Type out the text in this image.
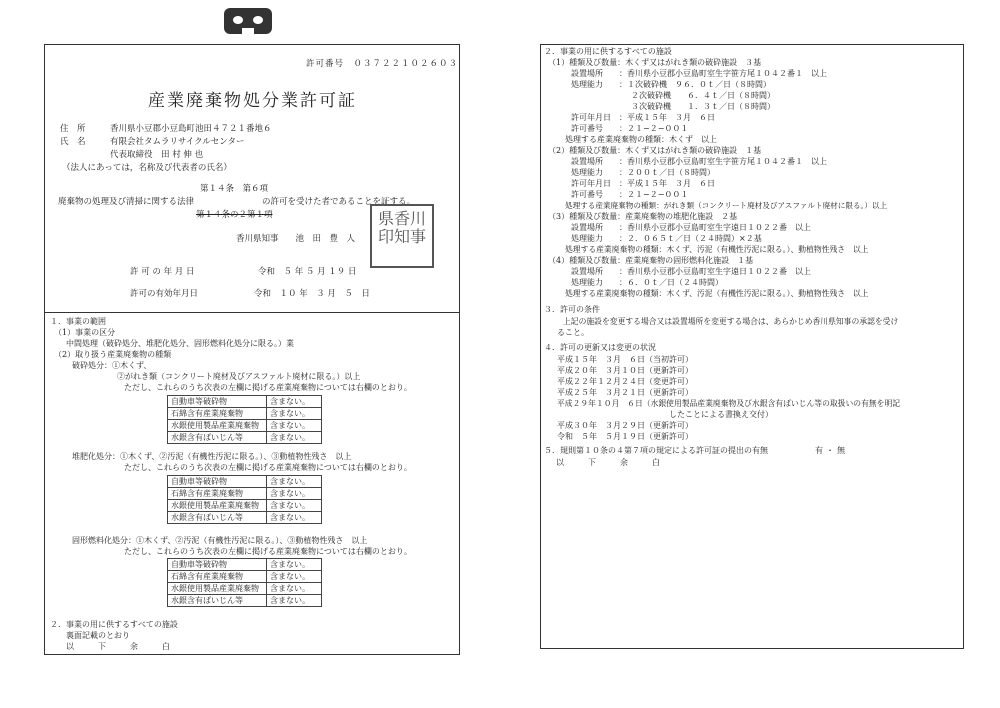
許可番号　０３７２２１０２６０３
産業廃棄物処分業許可証
住　所	香川県小豆郡小豆島町池田４７２１番地６
氏　名	有限会社タムラリサイクルセンター
代表取締役　田 村 伸 也
（法人にあっては，名称及び代表者の氏名）
第１４条　第６項
廃棄物の処理及び清掃に関する法律　　　　　　　　の許可を受けた者であることを証する。
第１４条の２第１項
香川県知事　　池　田　豊　人
県香川印知事
許 可 の 年 月 日	令和　５ 年 ５ 月 １９ 日
許可の有効年月日	令和　１０ 年　３ 月　５　日
１．事業の範囲
（1）事業の区分
中間処理（破砕処分、堆肥化処分、固形燃料化処分に限る。）業
（2）取り扱う産業廃棄物の種類
破砕処分：①木くず、
②がれき類（コンクリート廃材及びアスファルト廃材に限る。）以上
ただし、これらのうち次表の左欄に掲げる産業廃棄物については右欄のとおり。
自動車等破砕物	含まない。
石綿含有産業廃棄物	含まない。
水銀使用製品産業廃棄物	含まない。
水銀含有ばいじん等	含まない。
堆肥化処分：①木くず、②汚泥（有機性汚泥に限る。）、③動植物性残さ　以上
ただし、これらのうち次表の左欄に掲げる産業廃棄物については右欄のとおり。
自動車等破砕物	含まない。
石綿含有産業廃棄物	含まない。
水銀使用製品産業廃棄物	含まない。
水銀含有ばいじん等	含まない。
固形燃料化処分：①木くず、②汚泥（有機性汚泥に限る。）、③動植物性残さ　以上
ただし、これらのうち次表の左欄に掲げる産業廃棄物については右欄のとおり。
自動車等破砕物	含まない。
石綿含有産業廃棄物	含まない。
水銀使用製品産業廃棄物	含まない。
水銀含有ばいじん等	含まない。
２．事業の用に供するすべての施設
裏面記載のとおり
以　　　下　　　余　　　白
２．事業の用に供するすべての施設
（1）種類及び数量：木くず又はがれき類の破砕施設　３基
設置場所　　：香川県小豆郡小豆島町室生字笹方尾１０４２番１　以上
処理能力　　：１次破砕機　９６．０ｔ／日（８時間）
２次破砕機　　６．４ｔ／日（８時間）
３次破砕機　　１．３ｔ／日（８時間）
許可年月日　：平成１５年　３月　６日
許可番号　　：２１−２−００１
処理する産業廃棄物の種類：木くず　以上
（2）種類及び数量：木くず又はがれき類の破砕施設　１基
設置場所　　：香川県小豆郡小豆島町室生字笹方尾１０４２番１　以上
処理能力　　：２００ｔ／日（８時間）
許可年月日　：平成１５年　３月　６日
許可番号　　：２１−２−００１
処理する産業廃棄物の種類：がれき類（コンクリート廃材及びアスファルト廃材に限る。）以上
（3）種類及び数量：産業廃棄物の堆肥化施設　２基
設置場所　　：香川県小豆郡小豆島町室生字遠日１０２２番　以上
処理能力　　：２．０６５ｔ／日（２４時間）×２基
処理する産業廃棄物の種類：木くず、汚泥（有機性汚泥に限る。）、動植物性残さ　以上
（4）種類及び数量：産業廃棄物の固形燃料化施設　１基
設置場所　　：香川県小豆郡小豆島町室生字遠日１０２２番　以上
処理能力　　：６．０ｔ／日（２４時間）
処理する産業廃棄物の種類：木くず、汚泥（有機性汚泥に限る。）、動植物性残さ　以上
３．許可の条件
上記の施設を変更する場合又は設置場所を変更する場合は、あらかじめ香川県知事の承認を受け
ること。
４．許可の更新又は変更の状況
平成１５年　３月　６日（当初許可）
平成２０年　３月１０日（更新許可）
平成２２年１２月２４日（変更許可）
平成２５年　３月２１日（更新許可）
平成２９年１０月　６日（水銀使用製品産業廃棄物及び水銀含有ばいじん等の取扱いの有無を明記
　　　　　　　　　　　　　　したことによる書換え交付）
平成３０年　３月２９日（更新許可）
令和　５年　５月１９日（更新許可）
５．規則第１０条の４第７項の規定による許可証の提出の有無	有・無
以　　　下　　　余　　　白
